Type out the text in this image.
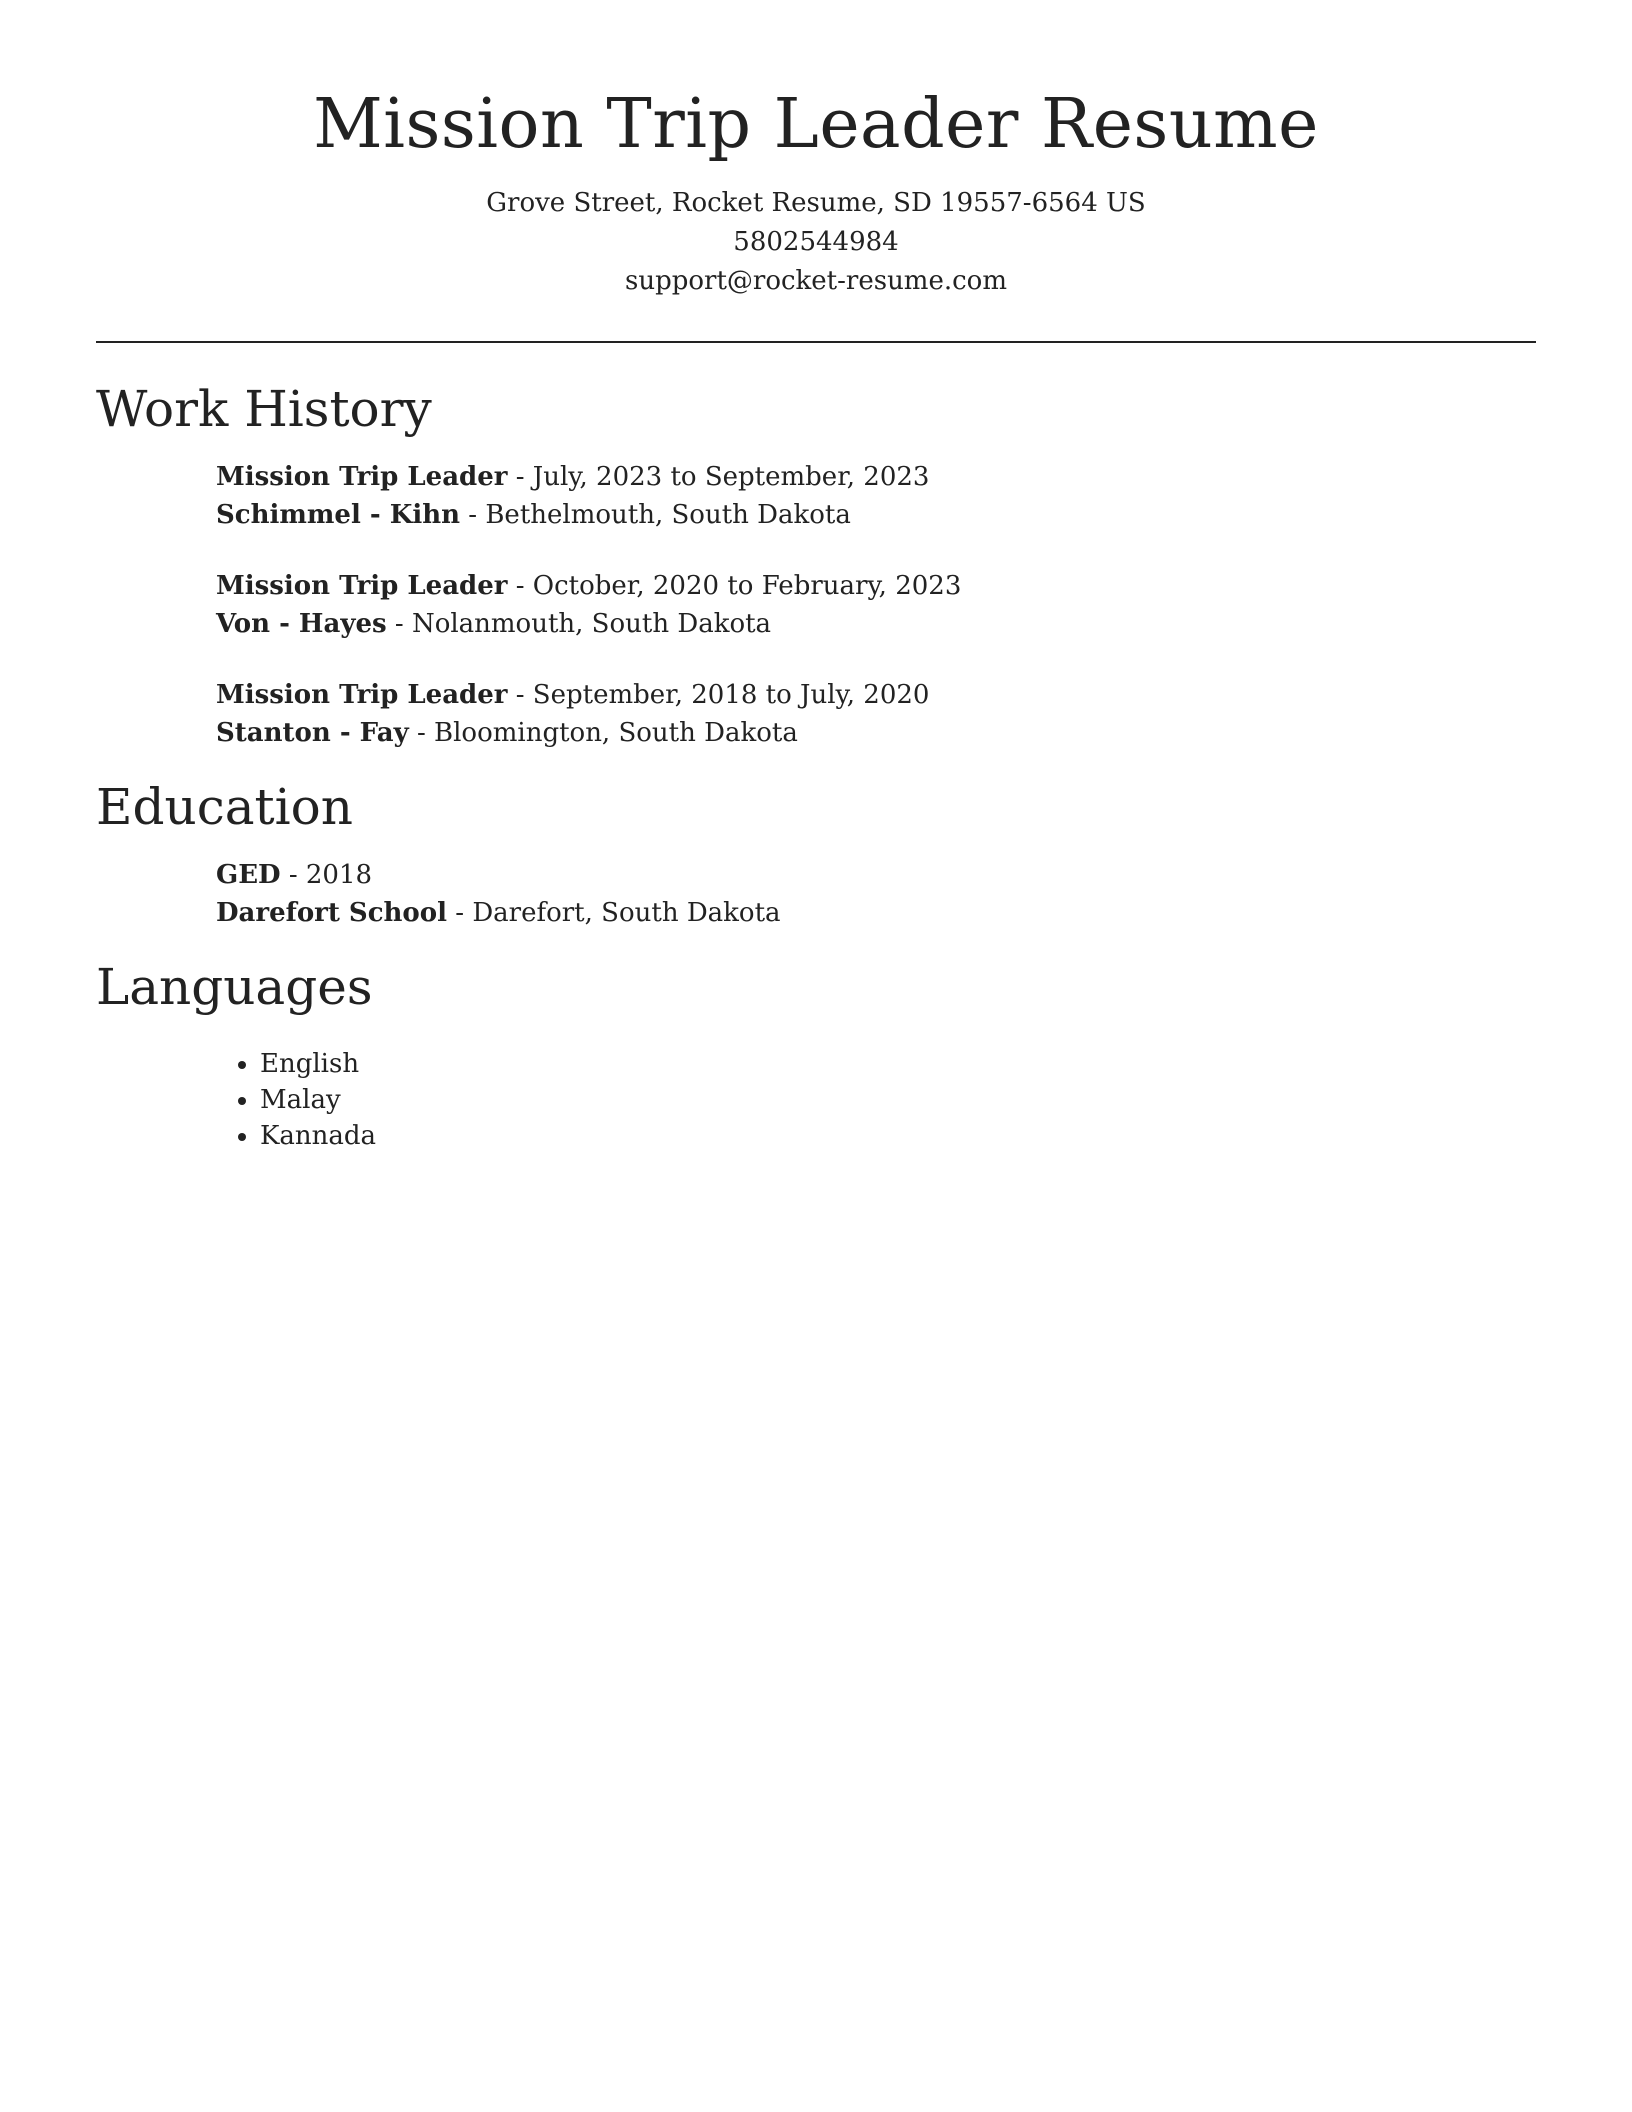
Mission Trip Leader Resume
Grove Street, Rocket Resume, SD 19557-6564 US
5802544984
support@rocket-resume.com
Work History
Mission Trip Leader - July, 2023 to September, 2023
Schimmel - Kihn - Bethelmouth, South Dakota
Mission Trip Leader - October, 2020 to February, 2023
Von - Hayes - Nolanmouth, South Dakota
Mission Trip Leader - September, 2018 to July, 2020
Stanton - Fay - Bloomington, South Dakota
Education
GED - 2018
Darefort School - Darefort, South Dakota
Languages
• English
• Malay
• Kannada
